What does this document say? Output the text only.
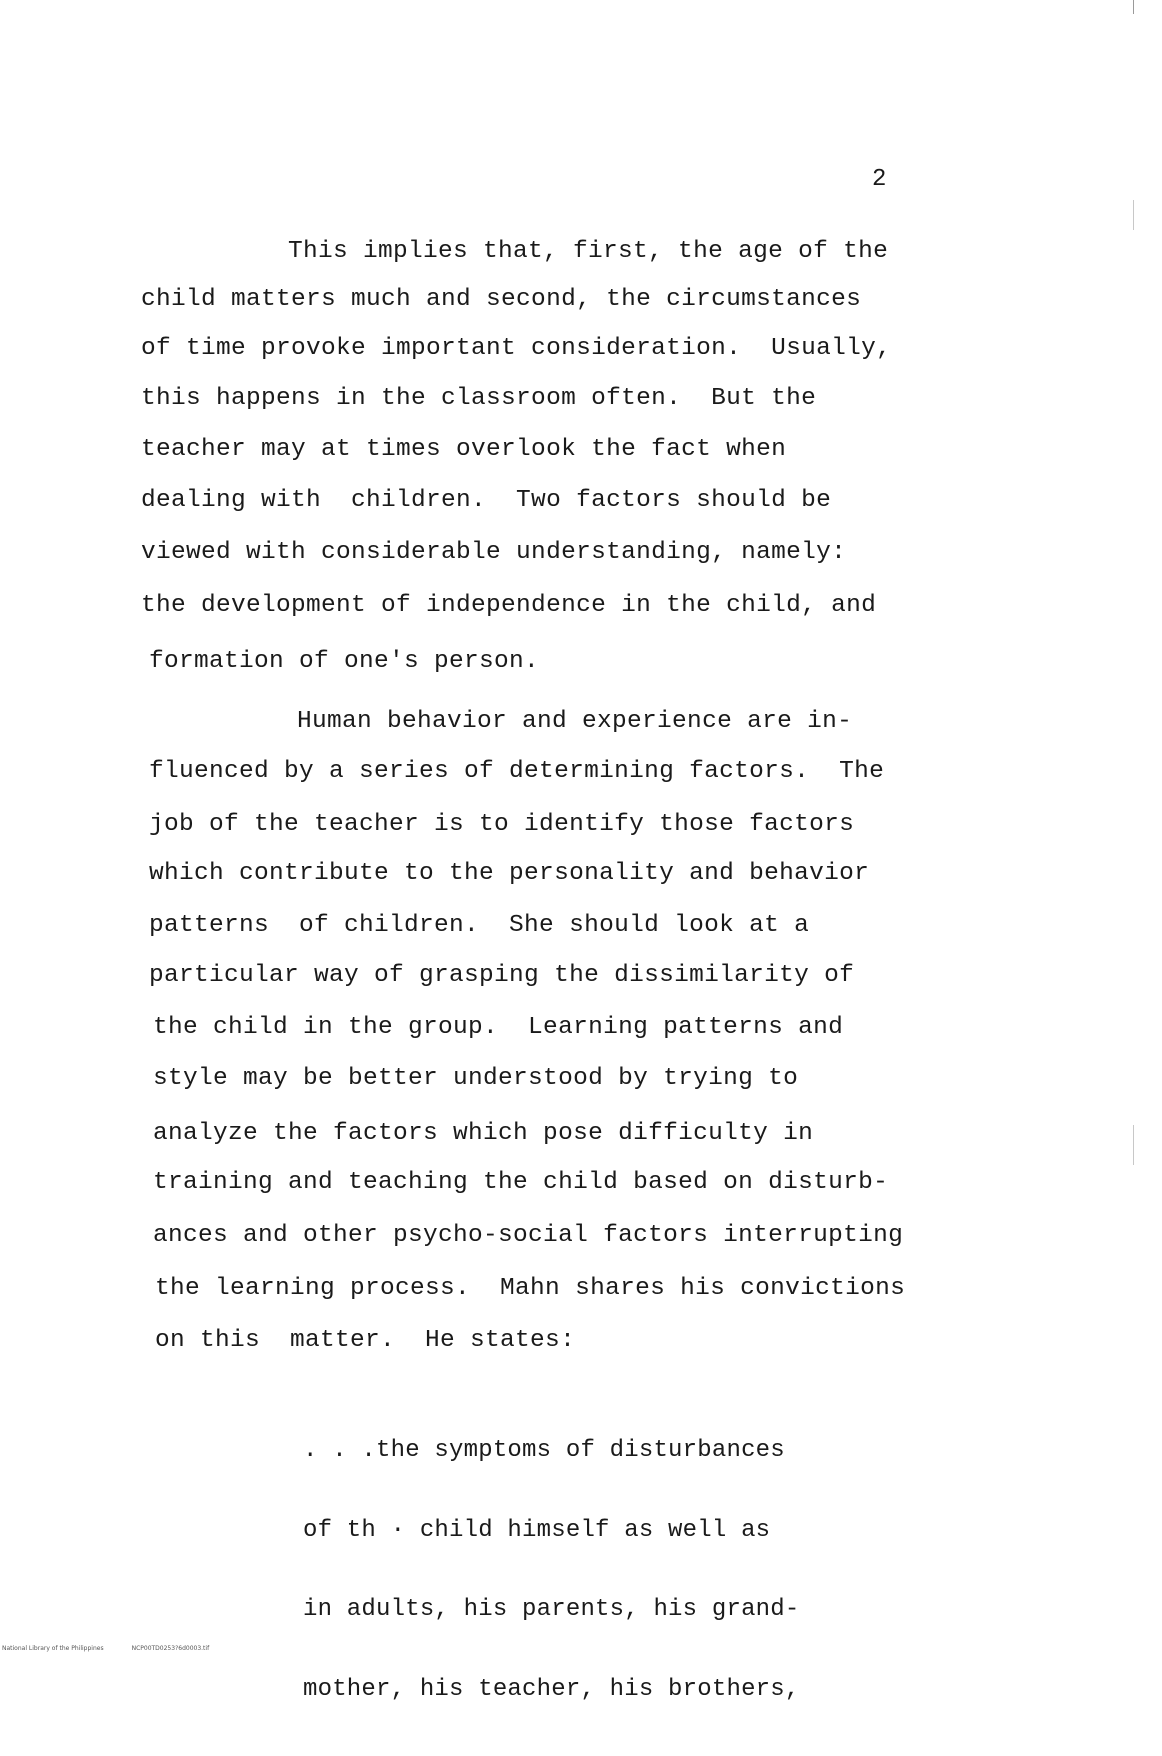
2
This implies that, first, the age of the
child matters much and second, the circumstances
of time provoke important consideration.  Usually,
this happens in the classroom often.  But the
teacher may at times overlook the fact when
dealing with  children.  Two factors should be
viewed with considerable understanding, namely:
the development of independence in the child, and
formation of one's person.
Human behavior and experience are in-
fluenced by a series of determining factors.  The
job of the teacher is to identify those factors
which contribute to the personality and behavior
patterns  of children.  She should look at a
particular way of grasping the dissimilarity of
the child in the group.  Learning patterns and
style may be better understood by trying to
analyze the factors which pose difficulty in
training and teaching the child based on disturb-
ances and other psycho-social factors interrupting
the learning process.  Mahn shares his convictions
on this  matter.  He states:

. . .the symptoms of disturbances

of th · child himself as well as

in adults, his parents, his grand-

mother, his teacher, his brothers,

National Library of the Philippines	NCP00TD0253?6d0003.tif
